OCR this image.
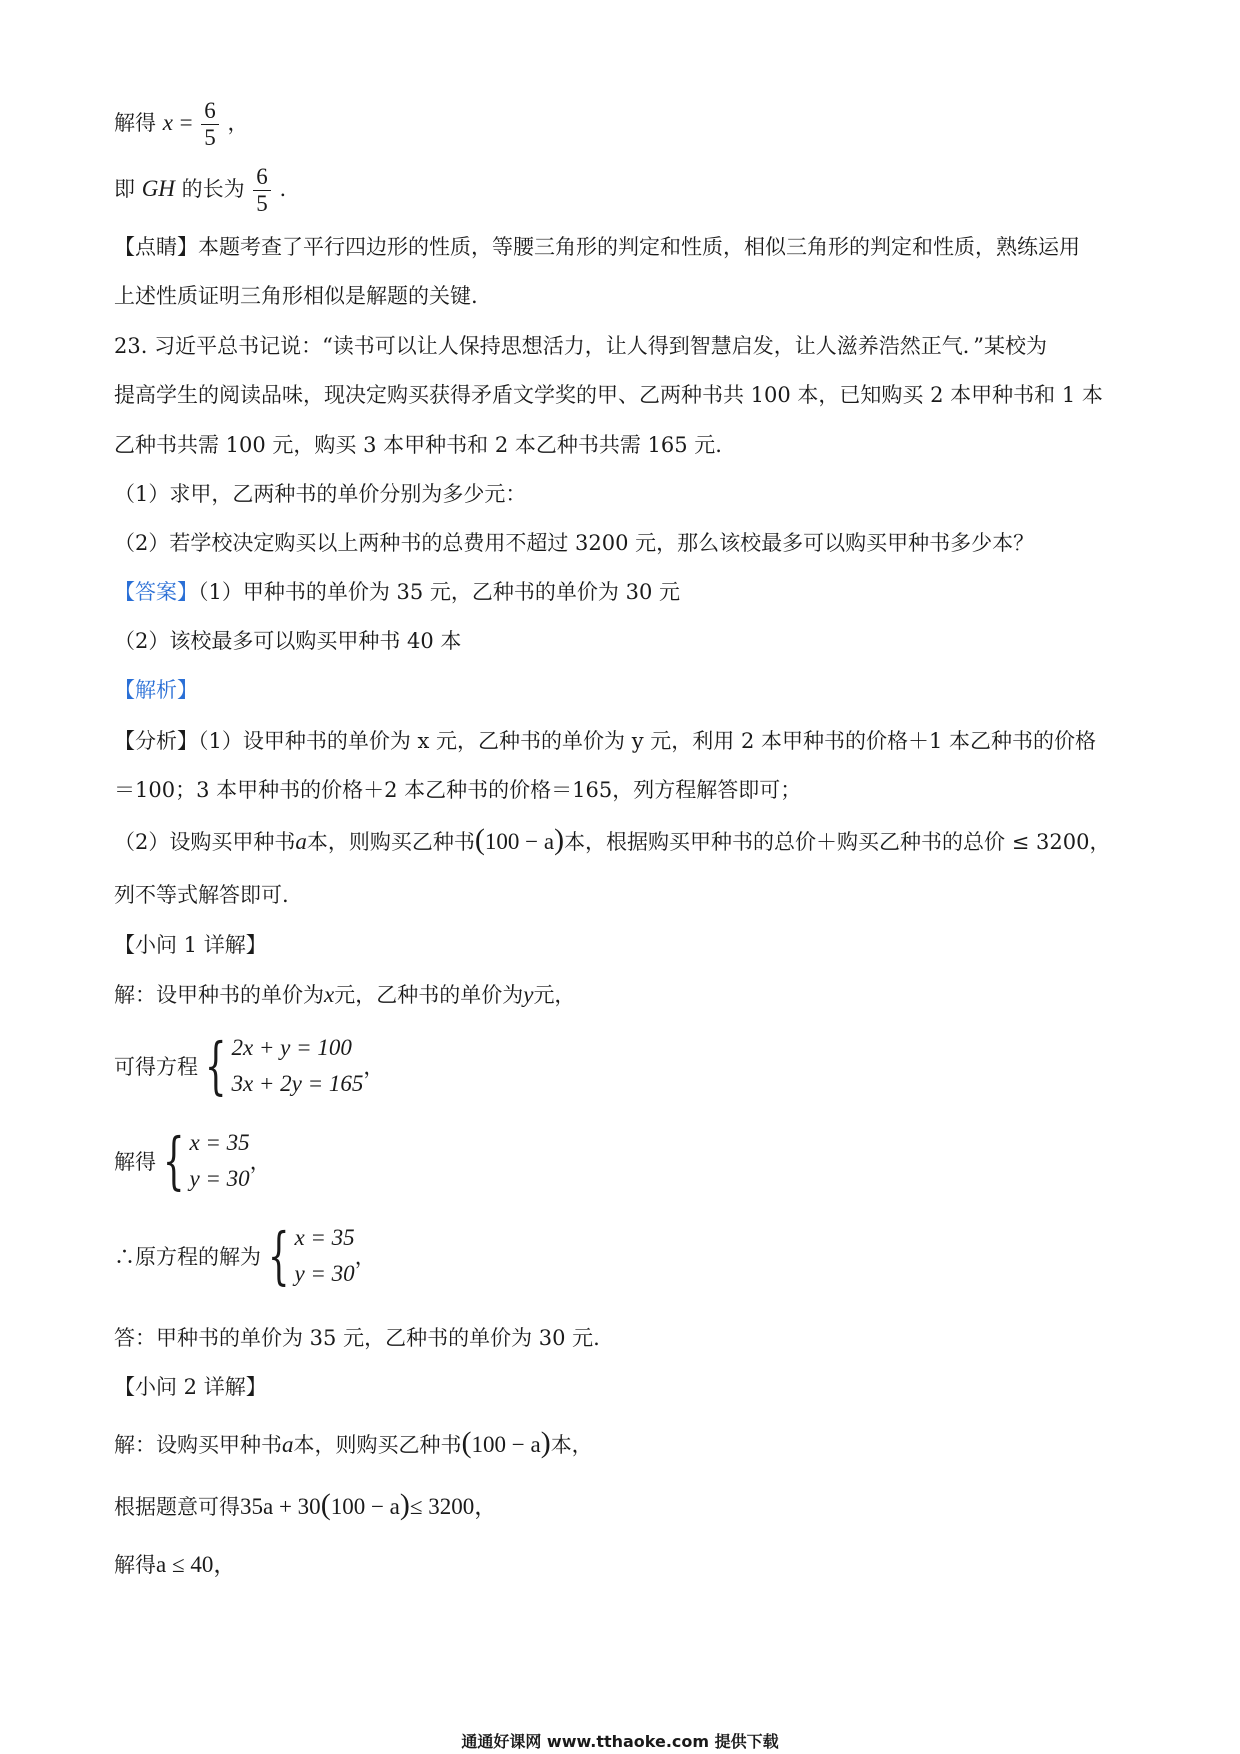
解得 $x = \frac{6}{5}$ ，
即 GH 的长为 $\frac{6}{5}$ .
【点睛】本题考查了平行四边形的性质，等腰三角形的判定和性质，相似三角形的判定和性质，熟练运用
上述性质证明三角形相似是解题的关键.
23. 习近平总书记说：“读书可以让人保持思想活力，让人得到智慧启发，让人滋养浩然正气．”某校为
提高学生的阅读品味，现决定购买获得矛盾文学奖的甲、乙两种书共 100 本，已知购买 2 本甲种书和 1 本
乙种书共需 100 元，购买 3 本甲种书和 2 本乙种书共需 165 元.
（1）求甲，乙两种书的单价分别为多少元：
（2）若学校决定购买以上两种书的总费用不超过 3200 元，那么该校最多可以购买甲种书多少本？
【答案】（1）甲种书的单价为 35 元，乙种书的单价为 30 元
（2）该校最多可以购买甲种书 40 本
【解析】
【分析】（1）设甲种书的单价为 x 元，乙种书的单价为 y 元，利用 2 本甲种书的价格＋1 本乙种书的价格
＝100；3 本甲种书的价格＋2 本乙种书的价格＝165，列方程解答即可；
（2）设购买甲种书a本，则购买乙种书(100 − a)本，根据购买甲种书的总价＋购买乙种书的总价 ≤ 3200，
列不等式解答即可.
【小问 1 详解】
解：设甲种书的单价为x元，乙种书的单价为y元，
可得方程 { 2x + y = 100
3x + 2y = 165
，
解得 { x = 35
y = 30
，
∴原方程的解为 { x = 35
y = 30
，
答：甲种书的单价为 35 元，乙种书的单价为 30 元.
【小问 2 详解】
解：设购买甲种书a本，则购买乙种书(100 − a)本，
根据题意可得35a + 30(100 − a)≤ 3200，
解得a ≤ 40，
通通好课网 www.tthaoke.com 提供下载
